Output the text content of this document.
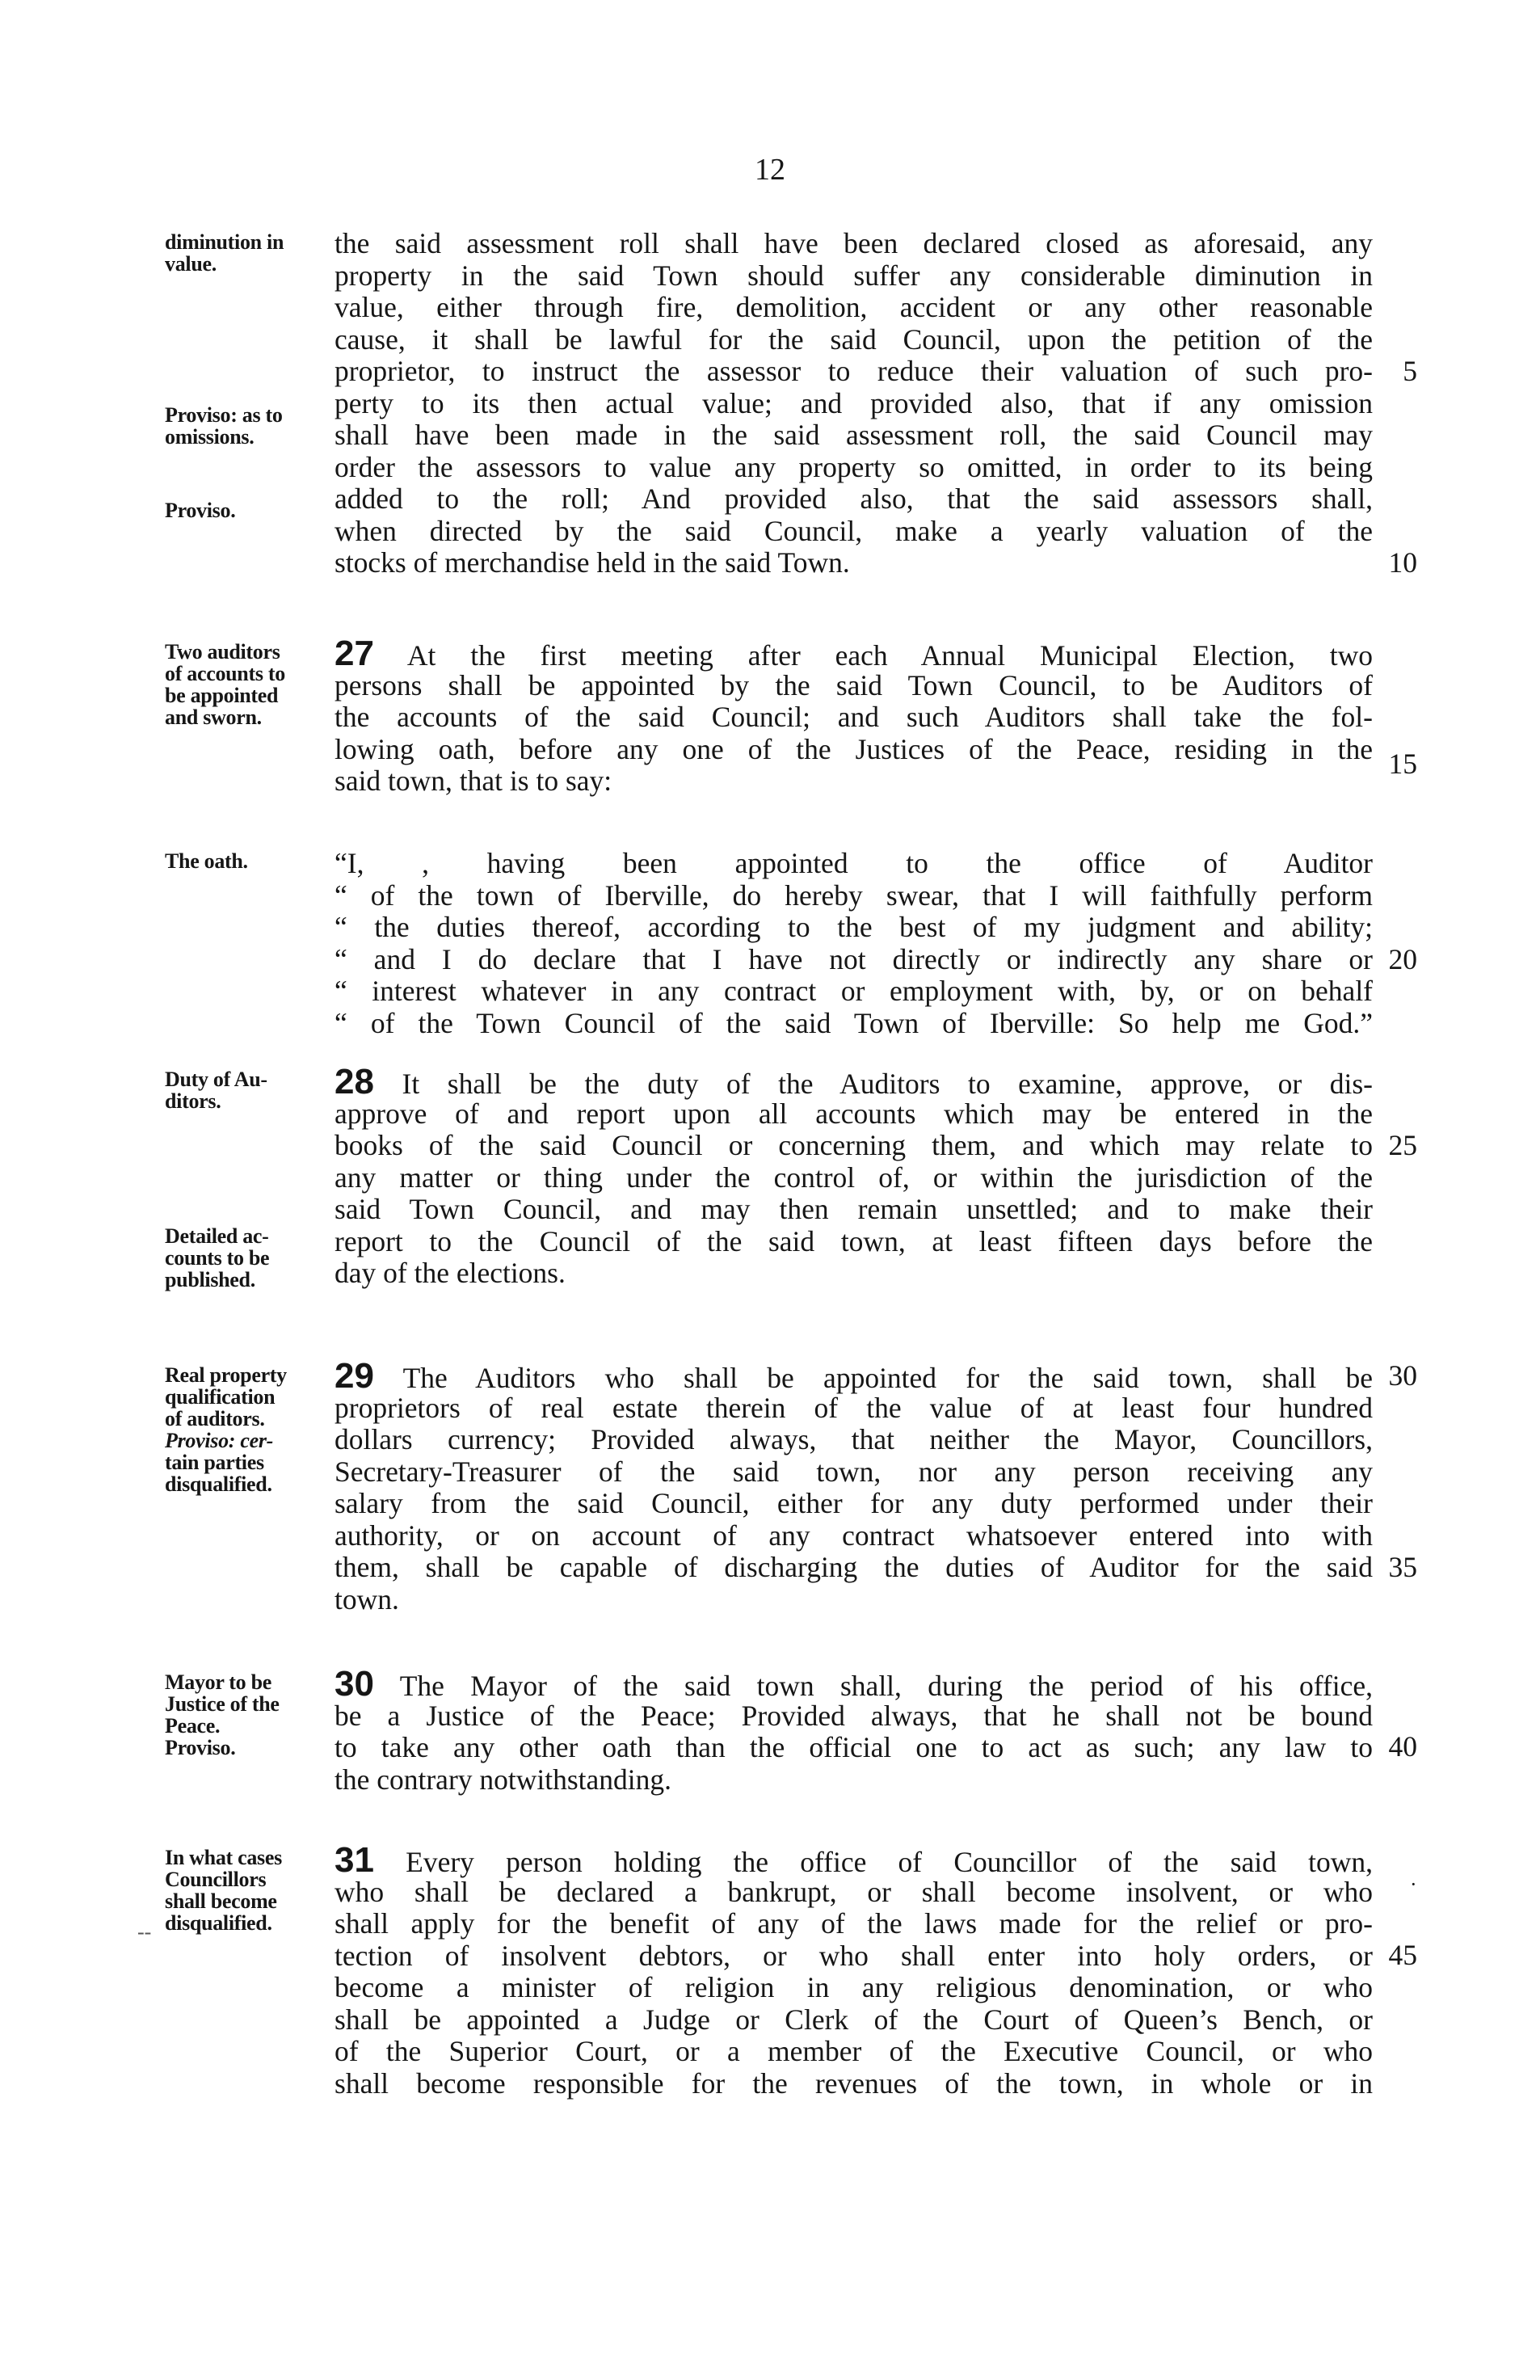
12
diminution in
value.
Proviso: as to
omissions.
Proviso.
Two auditors
of accounts to
be appointed
and sworn.
The oath.
Duty of Au-
ditors.
Detailed ac-
counts to be
published.
Real property
qualification
of auditors.
Proviso: cer-
tain parties
disqualified.
Mayor to be
Justice of the
Peace.
Proviso.
In what cases
Councillors
shall become
disqualified.
the said assessment roll shall have been declared closed as aforesaid, any
property in the said Town should suffer any considerable diminution in
value, either through fire, demolition, accident or any other reasonable
cause, it shall be lawful for the said Council, upon the petition of the
proprietor, to instruct the assessor to reduce their valuation of such pro-
perty to its then actual value; and provided also, that if any omission
shall have been made in the said assessment roll, the said Council may
order the assessors to value any property so omitted, in order to its being
added to the roll; And provided also, that the said assessors shall,
when directed by the said Council, make a yearly valuation of the
stocks of merchandise held in the said Town.
27 At the first meeting after each Annual Municipal Election, two
persons shall be appointed by the said Town Council, to be Auditors of
the accounts of the said Council; and such Auditors shall take the fol-
lowing oath, before any one of the Justices of the Peace, residing in the
said town, that is to say:
“I, , having been appointed to the office of Auditor
“ of the town of Iberville, do hereby swear, that I will faithfully perform
“ the duties thereof, according to the best of my judgment and ability;
“ and I do declare that I have not directly or indirectly any share or
“ interest whatever in any contract or employment with, by, or on behalf
“ of the Town Council of the said Town of Iberville: So help me God.”
28 It shall be the duty of the Auditors to examine, approve, or dis-
approve of and report upon all accounts which may be entered in the
books of the said Council or concerning them, and which may relate to
any matter or thing under the control of, or within the jurisdiction of the
said Town Council, and may then remain unsettled; and to make their
report to the Council of the said town, at least fifteen days before the
day of the elections.
29 The Auditors who shall be appointed for the said town, shall be
proprietors of real estate therein of the value of at least four hundred
dollars currency; Provided always, that neither the Mayor, Councillors,
Secretary-Treasurer of the said town, nor any person receiving any
salary from the said Council, either for any duty performed under their
authority, or on account of any contract whatsoever entered into with
them, shall be capable of discharging the duties of Auditor for the said
town.
30 The Mayor of the said town shall, during the period of his office,
be a Justice of the Peace; Provided always, that he shall not be bound
to take any other oath than the official one to act as such; any law to
the contrary notwithstanding.
31 Every person holding the office of Councillor of the said town,
who shall be declared a bankrupt, or shall become insolvent, or who
shall apply for the benefit of any of the laws made for the relief or pro-
tection of insolvent debtors, or who shall enter into holy orders, or
become a minister of religion in any religious denomination, or who
shall be appointed a Judge or Clerk of the Court of Queen’s Bench, or
of the Superior Court, or a member of the Executive Council, or who
shall become responsible for the revenues of the town, in whole or in
5
10
15
20
25
30
35
40
45
·
--
